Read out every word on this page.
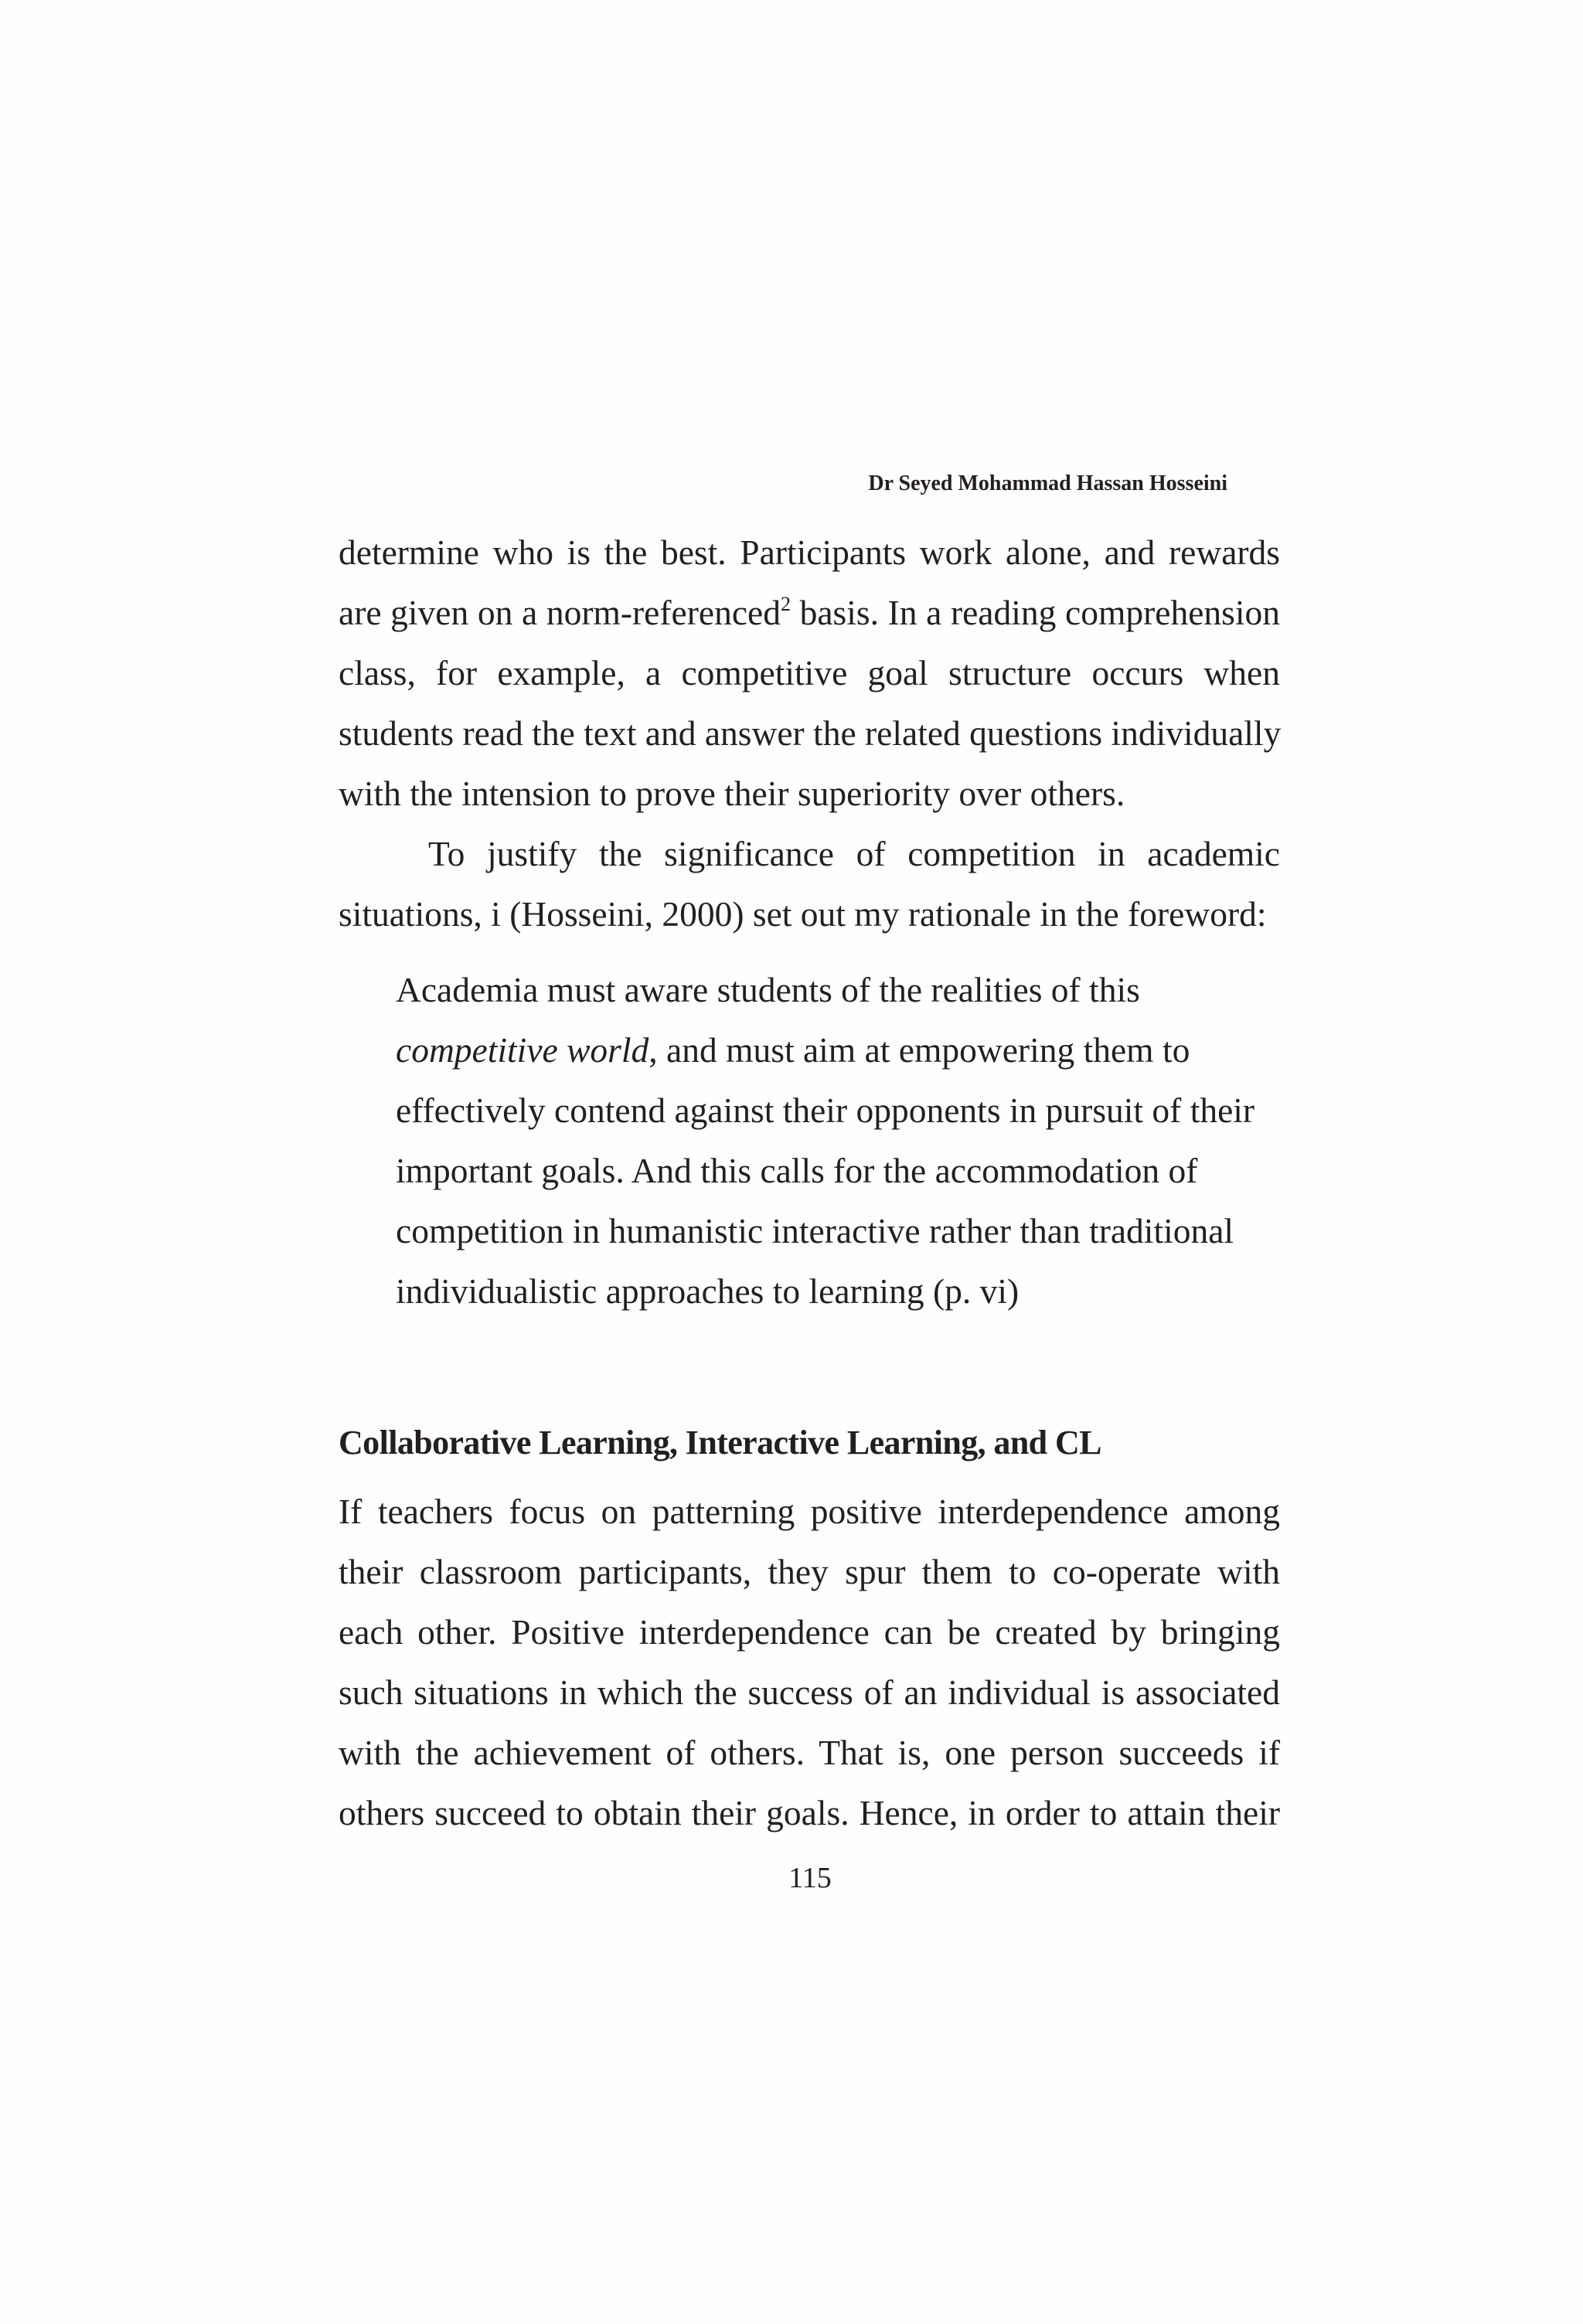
Dr Seyed Mohammad Hassan Hosseini

determine who is the best. Participants work alone, and rewards
are given on a norm-referenced$^2$ basis. In a reading comprehension
class, for example, a competitive goal structure occurs when
students read the text and answer the related questions individually
with the intension to prove their superiority over others.

To justify the significance of competition in academic
situations, i (Hosseini, 2000) set out my rationale in the foreword:

Academia must aware students of the realities of this
competitive world, and must aim at empowering them to
effectively contend against their opponents in pursuit of their
important goals. And this calls for the accommodation of
competition in humanistic interactive rather than traditional
individualistic approaches to learning (p. vi)

Collaborative Learning, Interactive Learning, and CL

If teachers focus on patterning positive interdependence among
their classroom participants, they spur them to co-operate with
each other. Positive interdependence can be created by bringing
such situations in which the success of an individual is associated
with the achievement of others. That is, one person succeeds if
others succeed to obtain their goals. Hence, in order to attain their

115
